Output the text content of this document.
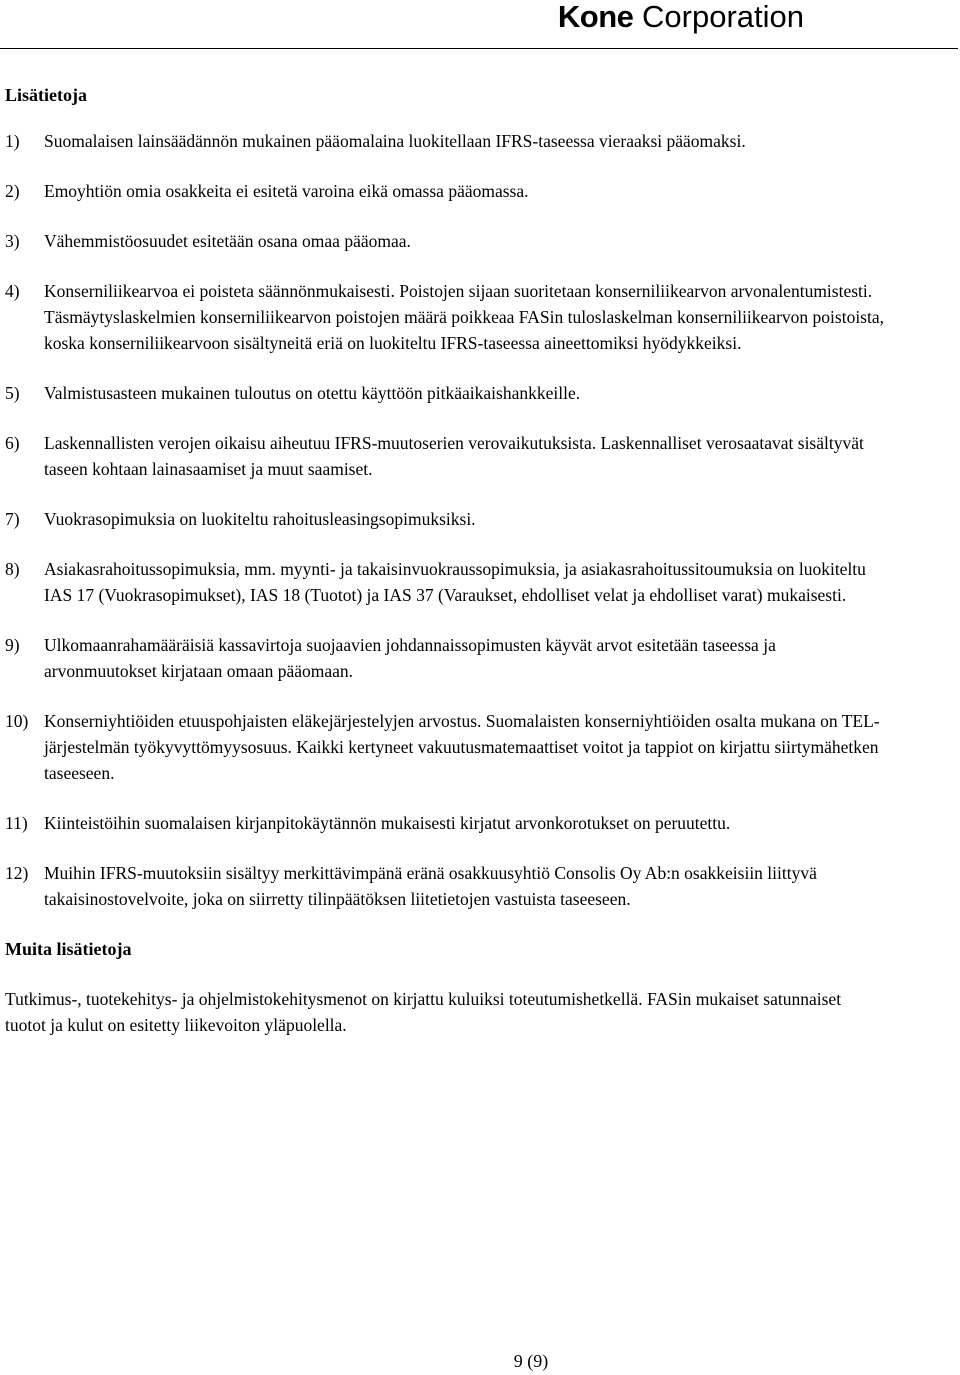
Kone Corporation
Lisätietoja
1)	Suomalaisen lainsäädännön mukainen pääomalaina luokitellaan IFRS-taseessa vieraaksi pääomaksi.
2)	Emoyhtiön omia osakkeita ei esitetä varoina eikä omassa pääomassa.
3)	Vähemmistöosuudet esitetään osana omaa pääomaa.
4)	Konserniliikearvoa ei poisteta säännönmukaisesti. Poistojen sijaan suoritetaan konserniliikearvon arvonalentumistesti. Täsmäytyslaskelmien konserniliikearvon poistojen määrä poikkeaa FASin tuloslaskelman konserniliikearvon poistoista, koska konserniliikearvoon sisältyneitä eriä on luokiteltu IFRS-taseessa aineettomiksi hyödykkeiksi.
5)	Valmistusasteen mukainen tuloutus on otettu käyttöön pitkäaikaishankkeille.
6)	Laskennallisten verojen oikaisu aiheutuu IFRS-muutoserien verovaikutuksista. Laskennalliset verosaatavat sisältyvät taseen kohtaan lainasaamiset ja muut saamiset.
7)	Vuokrasopimuksia on luokiteltu rahoitusleasingsopimuksiksi.
8)	Asiakasrahoitussopimuksia, mm. myynti- ja takaisinvuokraussopimuksia, ja asiakasrahoitussitoumuksia on luokiteltu IAS 17 (Vuokrasopimukset), IAS 18 (Tuotot) ja IAS 37 (Varaukset, ehdolliset velat ja ehdolliset varat) mukaisesti.
9)	Ulkomaanrahamääräisiä kassavirtoja suojaavien johdannaissopimusten käyvät arvot esitetään taseessa ja arvonmuutokset kirjataan omaan pääomaan.
10) Konserniyhtiöiden etuuspohjaisten eläkejärjestelyjen arvostus. Suomalaisten konserniyhtiöiden osalta mukana on TEL-järjestelmän työkyvyttömyysosuus. Kaikki kertyneet vakuutusmatemaattiset voitot ja tappiot on kirjattu siirtymähetken taseeseen.
11) Kiinteistöihin suomalaisen kirjanpitokäytännön mukaisesti kirjatut arvonkorotukset on peruutettu.
12) Muihin IFRS-muutoksiin sisältyy merkittävimpänä eränä osakkuusyhtiö Consolis Oy Ab:n osakkeisiin liittyvä takaisinostovelvoite, joka on siirretty tilinpäätöksen liitetietojen vastuista taseeseen.
Muita lisätietoja

Tutkimus-, tuotekehitys- ja ohjelmistokehitysmenot on kirjattu kuluiksi toteutumishetkellä. FASin mukaiset satunnaiset tuotot ja kulut on esitetty liikevoiton yläpuolella.

9 (9)
